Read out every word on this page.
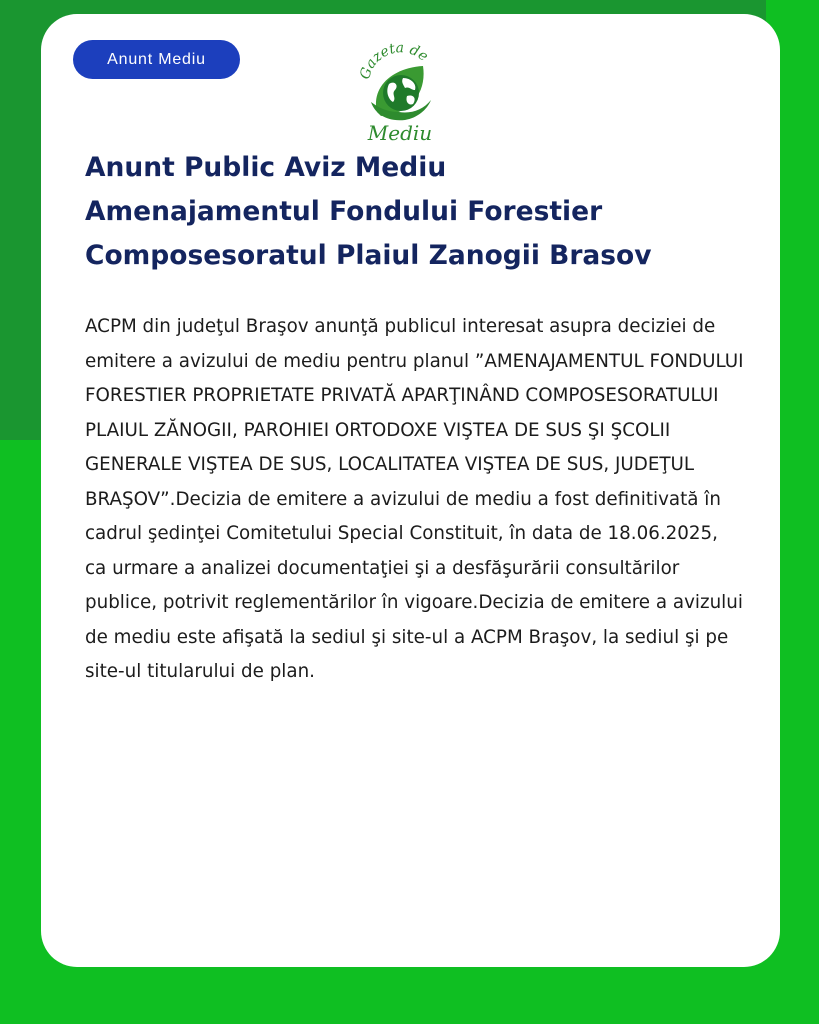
Anunt Mediu
Gazeta de
Mediu
Anunt Public Aviz Mediu
Amenajamentul Fondului Forestier
Composesoratul Plaiul Zanogii Brasov

ACPM din judeţul Braşov anunţă publicul interesat asupra deciziei de emitere a avizului de mediu pentru planul ”AMENAJAMENTUL FONDULUI FORESTIER PROPRIETATE PRIVATĂ APARŢINÂND COMPOSESORATULUI PLAIUL ZĂNOGII, PAROHIEI ORTODOXE VIŞTEA DE SUS ŞI ŞCOLII GENERALE VIŞTEA DE SUS, LOCALITATEA VIŞTEA DE SUS, JUDEŢUL BRAŞOV”.Decizia de emitere a avizului de mediu a fost definitivată în cadrul şedinţei Comitetului Special Constituit, în data de 18.06.2025, ca urmare a analizei documentaţiei şi a desfăşurării consultărilor publice, potrivit reglementărilor în vigoare.Decizia de emitere a avizului de mediu este afişată la sediul şi site-ul a ACPM Braşov, la sediul şi pe site-ul titularului de plan.
